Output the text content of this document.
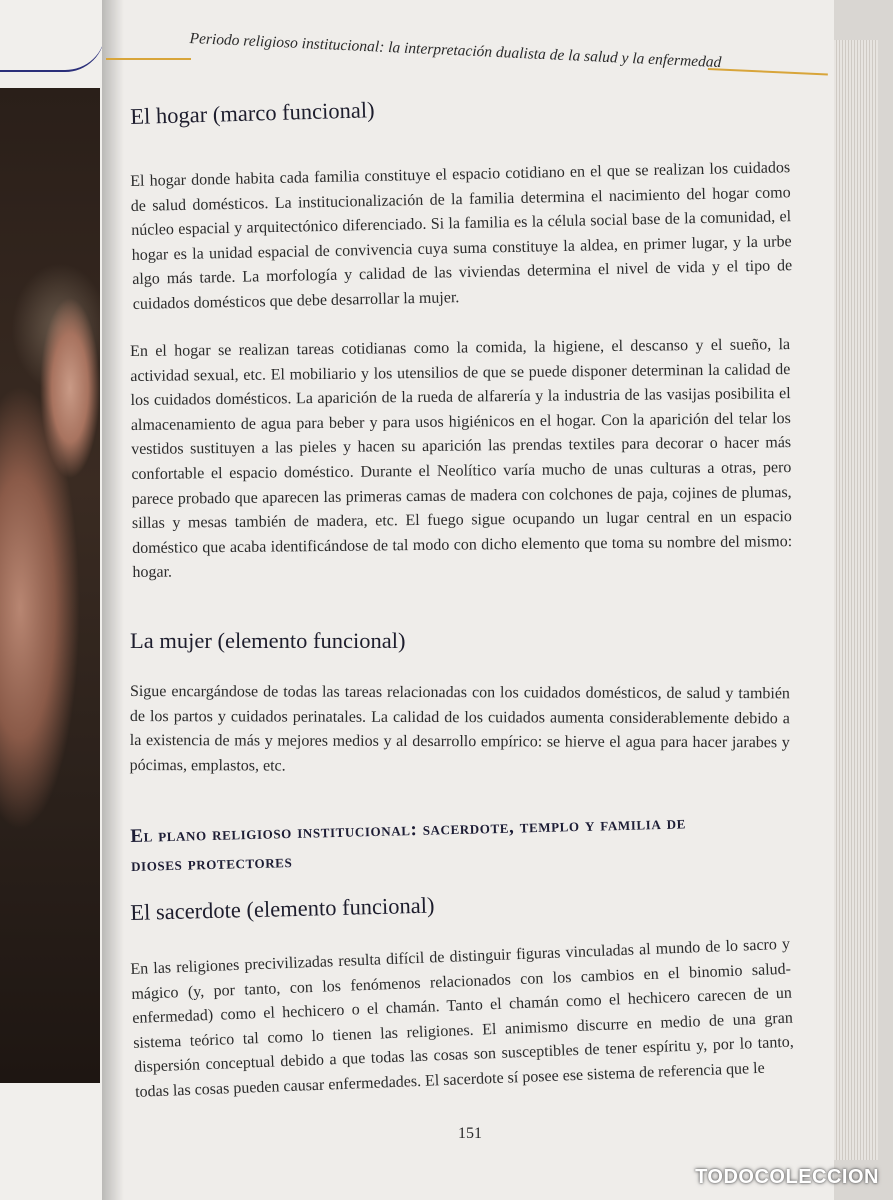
Periodo religioso institucional: la interpretación dualista de la salud y la enfermedad
El hogar (marco funcional)

El hogar donde habita cada familia constituye el espacio cotidiano en el que se realizan los cuidados de salud domésticos. La institucionalización de la familia determina el nacimiento del hogar como núcleo espacial y arquitectónico diferenciado. Si la familia es la célula social base de la comunidad, el hogar es la unidad espacial de convivencia cuya suma constituye la aldea, en primer lugar, y la urbe algo más tarde. La morfología y calidad de las viviendas determina el nivel de vida y el tipo de cuidados domésticos que debe desarrollar la mujer.

En el hogar se realizan tareas cotidianas como la comida, la higiene, el descanso y el sueño, la actividad sexual, etc. El mobiliario y los utensilios de que se puede disponer determinan la calidad de los cuidados domésticos. La aparición de la rueda de alfarería y la industria de las vasijas posibilita el almacenamiento de agua para beber y para usos higiénicos en el hogar. Con la aparición del telar los vestidos sustituyen a las pieles y hacen su aparición las prendas textiles para decorar o hacer más confortable el espacio doméstico. Durante el Neolítico varía mucho de unas culturas a otras, pero parece probado que aparecen las primeras camas de madera con colchones de paja, cojines de plumas, sillas y mesas también de madera, etc. El fuego sigue ocupando un lugar central en un espacio doméstico que acaba identificándose de tal modo con dicho elemento que toma su nombre del mismo: hogar.

La mujer (elemento funcional)

Sigue encargándose de todas las tareas relacionadas con los cuidados domésticos, de salud y también de los partos y cuidados perinatales. La calidad de los cuidados aumenta considerablemente debido a la existencia de más y mejores medios y al desarrollo empírico: se hierve el agua para hacer jarabes y pócimas, emplastos, etc.

El plano religioso institucional: sacerdote, templo y familia de dioses protectores
El sacerdote (elemento funcional)

En las religiones precivilizadas resulta difícil de distinguir figuras vinculadas al mundo de lo sacro y mágico (y, por tanto, con los fenómenos relacionados con los cambios en el binomio salud-enfermedad) como el hechicero o el chamán. Tanto el chamán como el hechicero carecen de un sistema teórico tal como lo tienen las religiones. El animismo discurre en medio de una gran dispersión conceptual debido a que todas las cosas son susceptibles de tener espíritu y, por lo tanto, todas las cosas pueden causar enfermedades. El sacerdote sí posee ese sistema de referencia que le

151
TODOCOLECCION
